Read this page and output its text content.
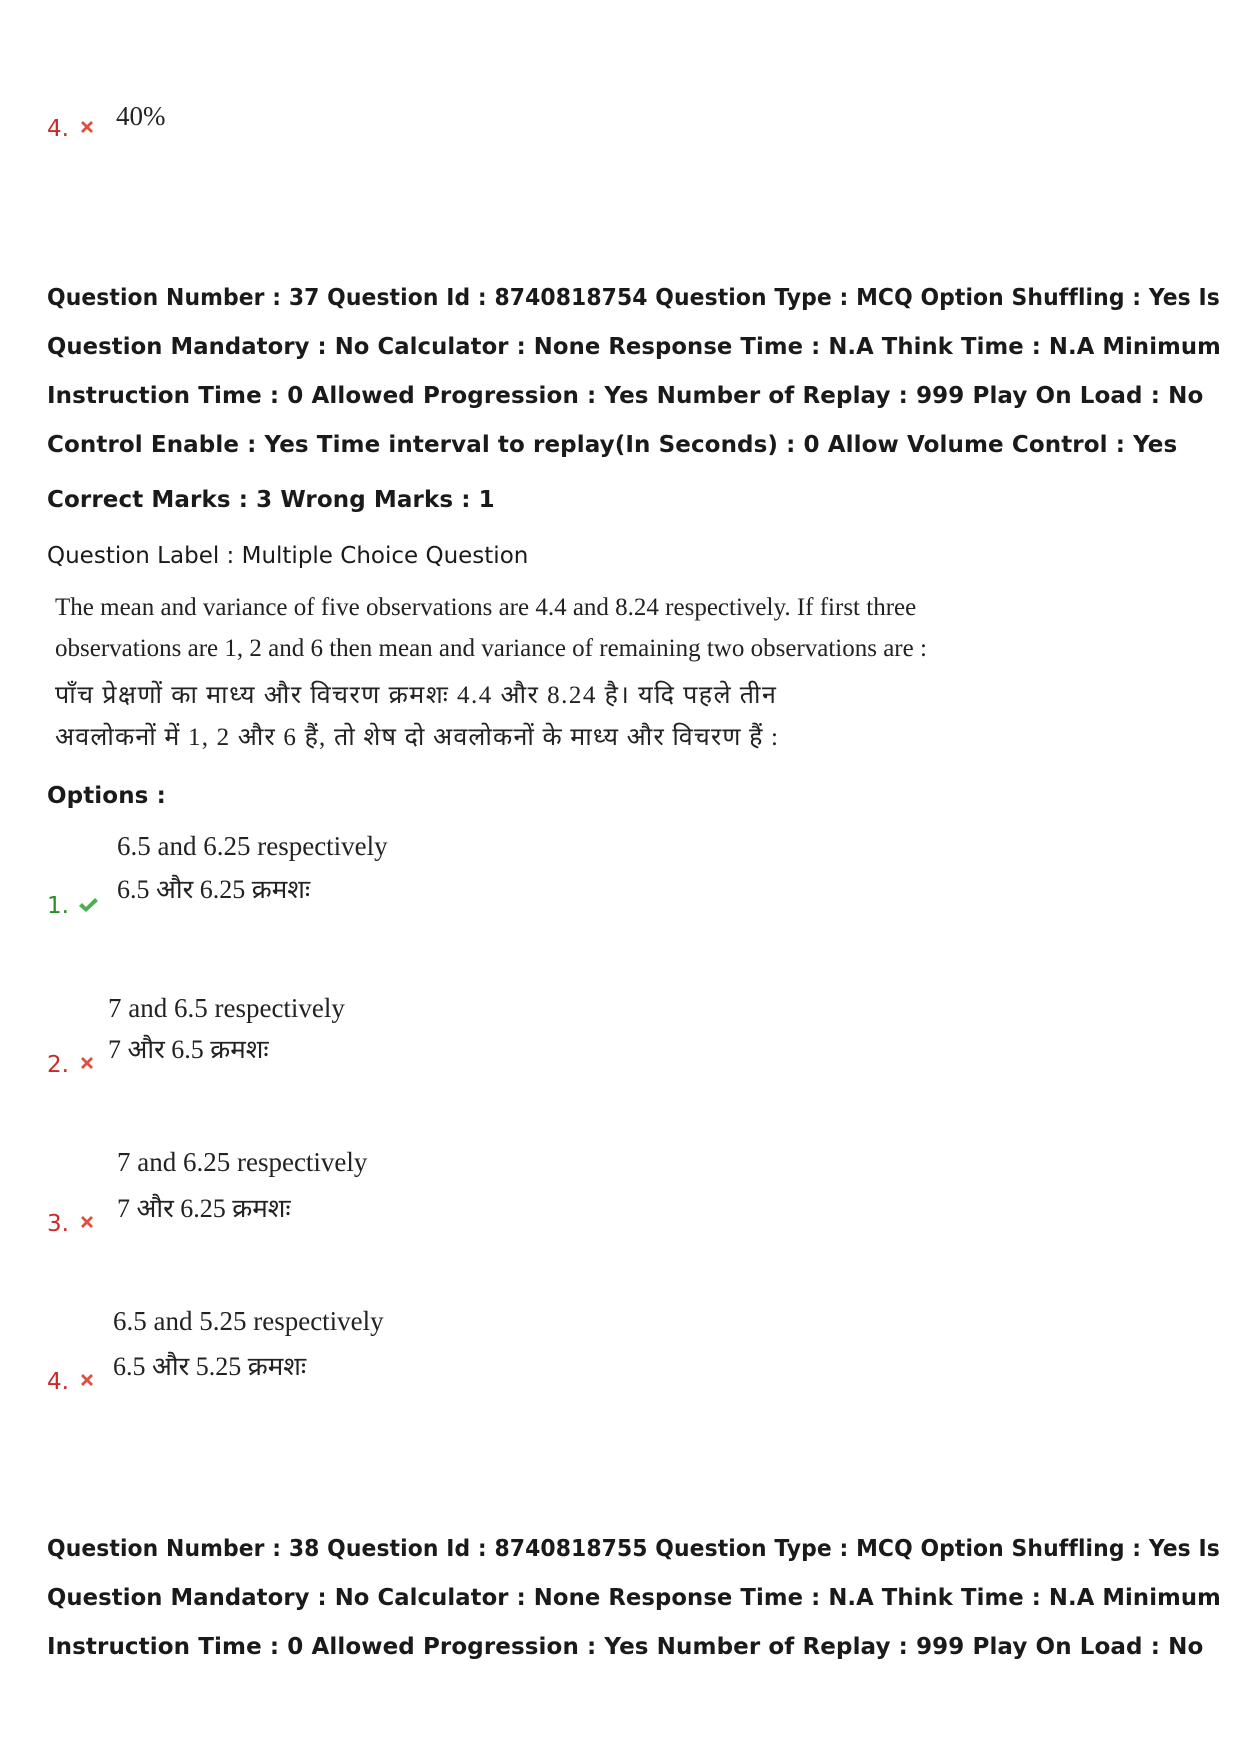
4. 40%
Question Number : 37 Question Id : 8740818754 Question Type : MCQ Option Shuffling : Yes Is
Question Mandatory : No Calculator : None Response Time : N.A Think Time : N.A Minimum
Instruction Time : 0 Allowed Progression : Yes Number of Replay : 999 Play On Load : No
Control Enable : Yes Time interval to replay(In Seconds) : 0 Allow Volume Control : Yes
Correct Marks : 3 Wrong Marks : 1
Question Label : Multiple Choice Question
The mean and variance of five observations are 4.4 and 8.24 respectively. If first three
observations are 1, 2 and 6 then mean and variance of remaining two observations are :
पाँच प्रेक्षणों का माध्य और विचरण क्रमशः 4.4 और 8.24 है। यदि पहले तीन
अवलोकनों में 1, 2 और 6 हैं, तो शेष दो अवलोकनों के माध्य और विचरण हैं :
Options :
6.5 and 6.25 respectively
6.5 और 6.25 क्रमशः
1.
7 and 6.5 respectively
7 और 6.5 क्रमशः
2.
7 and 6.25 respectively
7 और 6.25 क्रमशः
3.
6.5 and 5.25 respectively
6.5 और 5.25 क्रमशः
4.
Question Number : 38 Question Id : 8740818755 Question Type : MCQ Option Shuffling : Yes Is
Question Mandatory : No Calculator : None Response Time : N.A Think Time : N.A Minimum
Instruction Time : 0 Allowed Progression : Yes Number of Replay : 999 Play On Load : No
